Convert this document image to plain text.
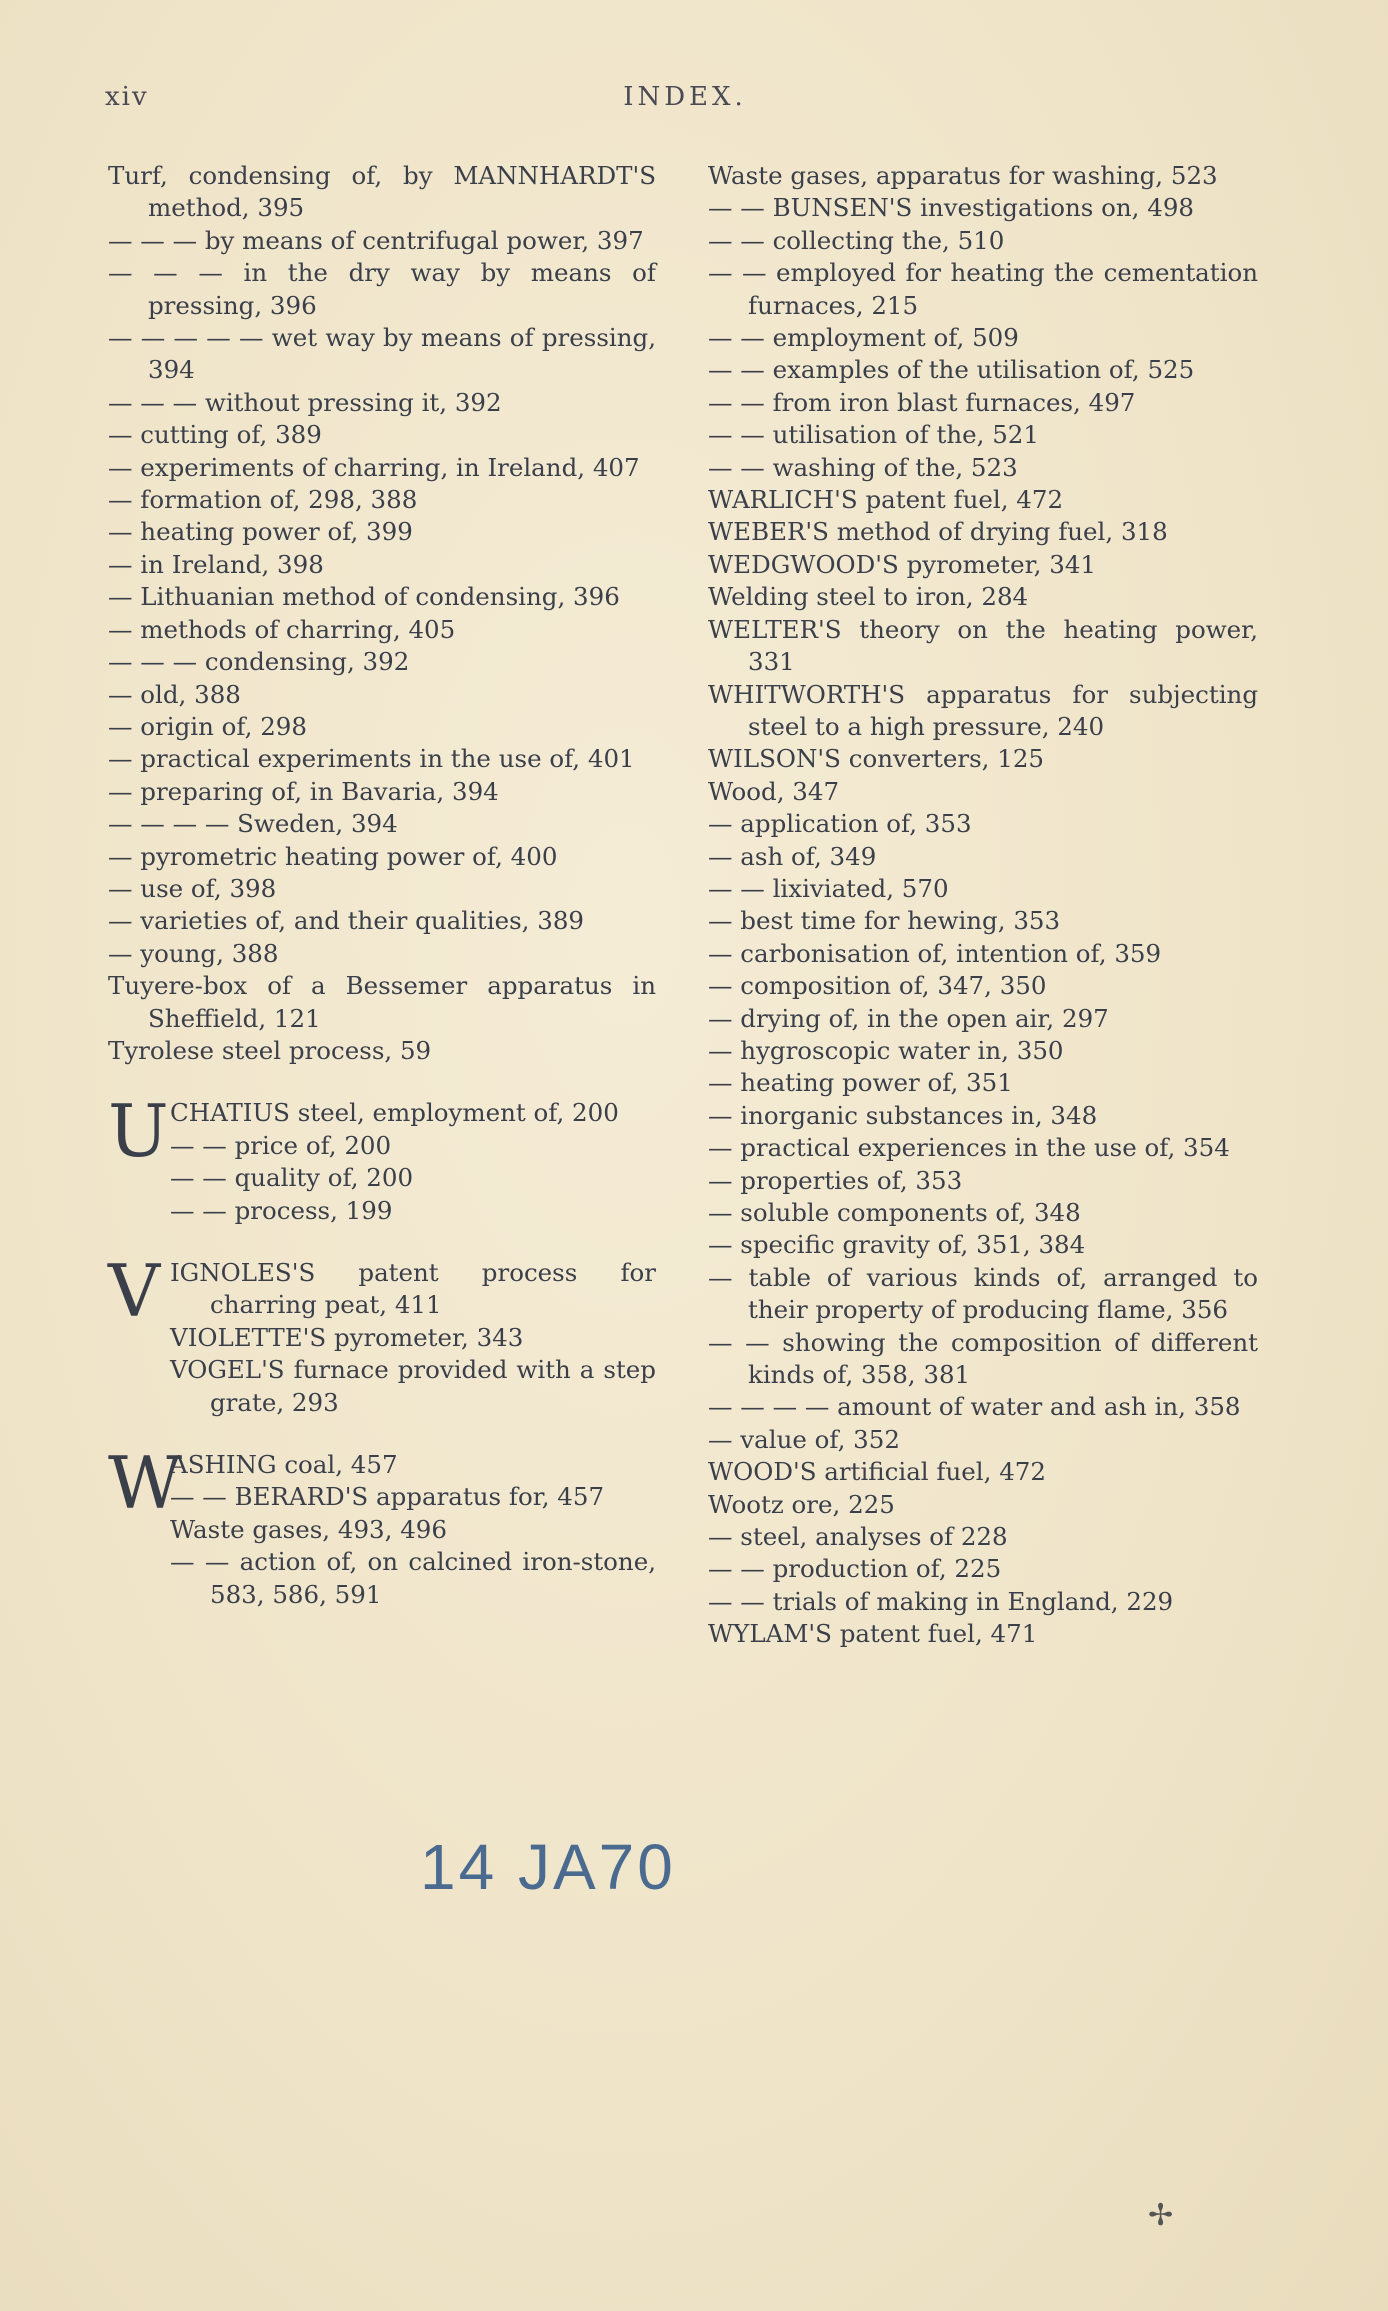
xiv	INDEX.
Turf, condensing of, by MANNHARDT'S method, 395
— — — by means of centrifugal power, 397
— — — in the dry way by means of pressing, 396
— — — — — wet way by means of pressing, 394
— — — without pressing it, 392
— cutting of, 389
— experiments of charring, in Ireland, 407
— formation of, 298, 388
— heating power of, 399
— in Ireland, 398
— Lithuanian method of condensing, 396
— methods of charring, 405
— — — condensing, 392
— old, 388
— origin of, 298
— practical experiments in the use of, 401
— preparing of, in Bavaria, 394
— — — — Sweden, 394
— pyrometric heating power of, 400
— use of, 398
— varieties of, and their qualities, 389
— young, 388
Tuyere-box of a Bessemer apparatus in Sheffield, 121
Tyrolese steel process, 59
U CHATIUS steel, employment of, 200
— — price of, 200
— — quality of, 200
— — process, 199
V IGNOLES'S patent process for charring peat, 411
VIOLETTE'S pyrometer, 343
VOGEL'S furnace provided with a step grate, 293
W
ASHING coal, 457
— — BERARD'S apparatus for, 457
Waste gases, 493, 496
— — action of, on calcined iron-stone, 583, 586, 591
Waste gases, apparatus for washing, 523
— — BUNSEN'S investigations on, 498
— — collecting the, 510
— — employed for heating the cementation furnaces, 215
— — employment of, 509
— — examples of the utilisation of, 525
— — from iron blast furnaces, 497
— — utilisation of the, 521
— — washing of the, 523
WARLICH'S patent fuel, 472
WEBER'S method of drying fuel, 318
WEDGWOOD'S pyrometer, 341
Welding steel to iron, 284
WELTER'S theory on the heating power, 331
WHITWORTH'S apparatus for subjecting steel to a high pressure, 240
WILSON'S converters, 125
Wood, 347
— application of, 353
— ash of, 349
— — lixiviated, 570
— best time for hewing, 353
— carbonisation of, intention of, 359
— composition of, 347, 350
— drying of, in the open air, 297
— hygroscopic water in, 350
— heating power of, 351
— inorganic substances in, 348
— practical experiences in the use of, 354
— properties of, 353
— soluble components of, 348
— specific gravity of, 351, 384
— table of various kinds of, arranged to their property of producing flame, 356
— — showing the composition of different kinds of, 358, 381
— — — — amount of water and ash in, 358
— value of, 352
WOOD'S artificial fuel, 472
Wootz ore, 225
— steel, analyses of 228
— — production of, 225
— — trials of making in England, 229
WYLAM'S patent fuel, 471
14 JA70
✢
